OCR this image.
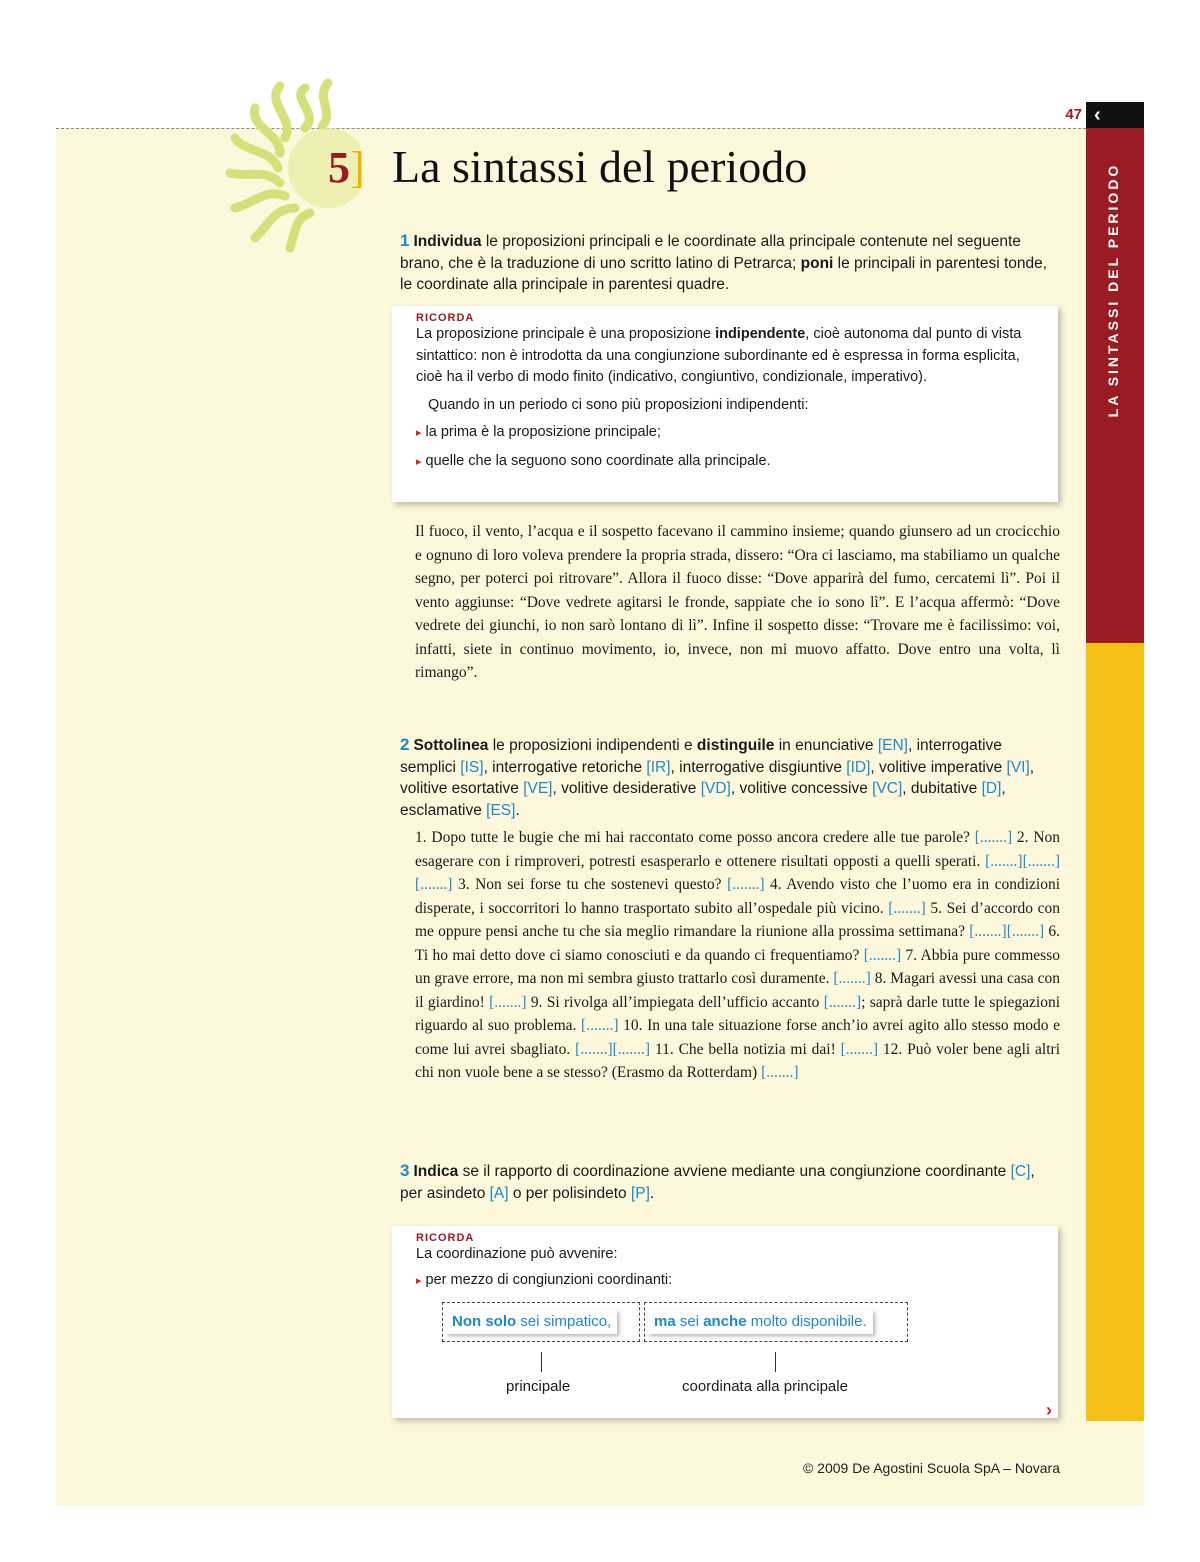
47 ‹
LA SINTASSI DEL PERIODO
5] La sintassi del periodo
1 Individua le proposizioni principali e le coordinate alla principale contenute nel seguente brano, che è la traduzione di uno scritto latino di Petrarca; poni le principali in parentesi tonde, le coordinate alla principale in parentesi quadre.
RICORDA
La proposizione principale è una proposizione indipendente, cioè autonoma dal punto di vista sintattico: non è introdotta da una congiunzione subordinante ed è espressa in forma esplicita, cioè ha il verbo di modo finito (indicativo, congiuntivo, condizionale, imperativo).
Quando in un periodo ci sono più proposizioni indipendenti:
▸ la prima è la proposizione principale;
▸ quelle che la seguono sono coordinate alla principale.
Il fuoco, il vento, l’acqua e il sospetto facevano il cammino insieme; quando giunsero ad un crocicchio e ognuno di loro voleva prendere la propria strada, dissero: “Ora ci lasciamo, ma stabiliamo un qualche segno, per poterci poi ritrovare”. Allora il fuoco disse: “Dove apparirà del fumo, cercatemi lì”. Poi il vento aggiunse: “Dove vedrete agitarsi le fronde, sappiate che io sono lì”. E l’acqua affermò: “Dove vedrete dei giunchi, io non sarò lontano di lì”. Infine il sospetto disse: “Trovare me è facilissimo: voi, infatti, siete in continuo movimento, io, invece, non mi muovo affatto. Dove entro una volta, lì rimango”.
2 Sottolinea le proposizioni indipendenti e distinguile in enunciative [EN], interrogative semplici [IS], interrogative retoriche [IR], interrogative disgiuntive [ID], volitive imperative [VI], volitive esortative [VE], volitive desiderative [VD], volitive concessive [VC], dubitative [D], esclamative [ES].
1. Dopo tutte le bugie che mi hai raccontato come posso ancora credere alle tue parole? [.......] 2. Non esagerare con i rimproveri, potresti esasperarlo e ottenere risultati opposti a quelli sperati. [.......][.......][.......] 3. Non sei forse tu che sostenevi questo? [.......] 4. Avendo visto che l’uomo era in condizioni disperate, i soccorritori lo hanno trasportato subito all’ospedale più vicino. [.......] 5. Sei d’accordo con me oppure pensi anche tu che sia meglio rimandare la riunione alla prossima settimana? [.......][.......] 6. Ti ho mai detto dove ci siamo conosciuti e da quando ci frequentiamo? [.......] 7. Abbia pure commesso un grave errore, ma non mi sembra giusto trattarlo così duramente. [.......] 8. Magari avessi una casa con il giardino! [.......] 9. Si rivolga all’impiegata dell’ufficio accanto [.......]; saprà darle tutte le spiegazioni riguardo al suo problema. [.......] 10. In una tale situazione forse anch’io avrei agito allo stesso modo e come lui avrei sbagliato. [.......][.......] 11. Che bella notizia mi dai! [.......] 12. Può voler bene agli altri chi non vuole bene a se stesso? (Erasmo da Rotterdam) [.......]
3 Indica se il rapporto di coordinazione avviene mediante una congiunzione coordinante [C], per asindeto [A] o per polisindeto [P].
RICORDA
La coordinazione può avvenire:
▸ per mezzo di congiunzioni coordinanti:
Non solo sei simpatico,	ma sei anche molto disponibile.
principale	coordinata alla principale
›
© 2009 De Agostini Scuola SpA – Novara
